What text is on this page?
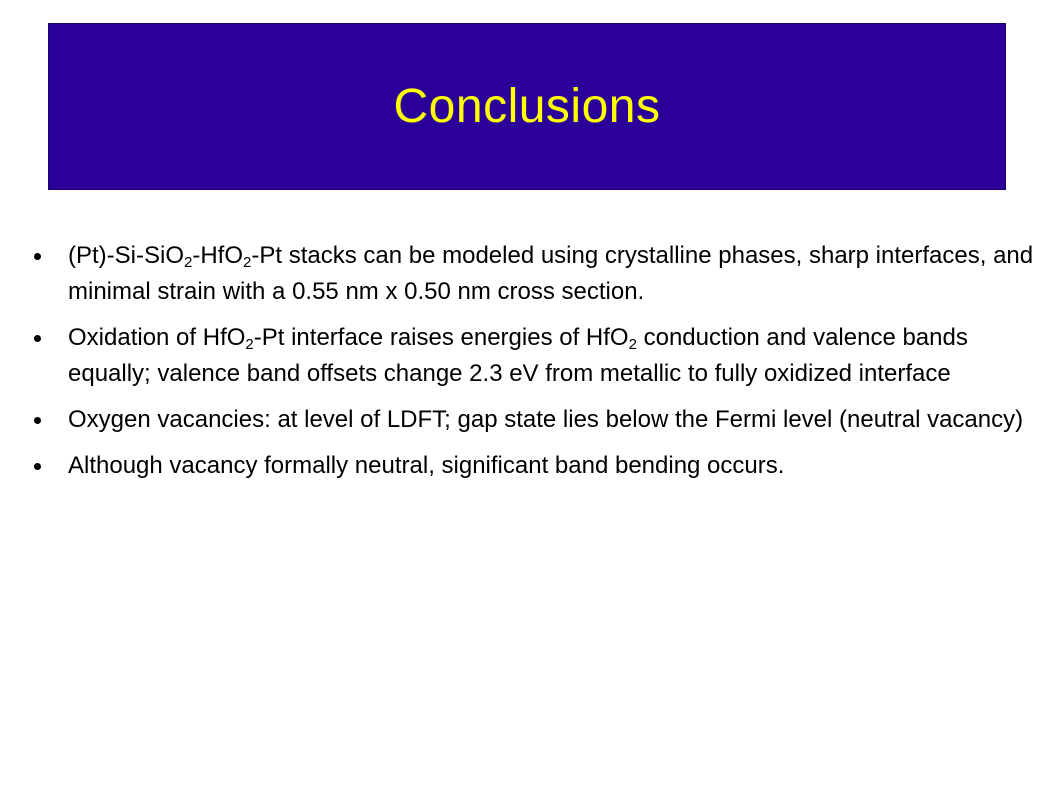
Conclusions
(Pt)-Si-SiO$_2$-HfO$_2$-Pt stacks can be modeled using crystalline phases, sharp interfaces, and minimal strain with a 0.55 nm x 0.50 nm cross section.
Oxidation of HfO$_2$-Pt interface raises energies of HfO$_2$ conduction and valence bands equally; valence band offsets change 2.3 eV from metallic to fully oxidized interface
Oxygen vacancies: at level of LDFT; gap state lies below the Fermi level (neutral vacancy)
Although vacancy formally neutral, significant band bending occurs.
